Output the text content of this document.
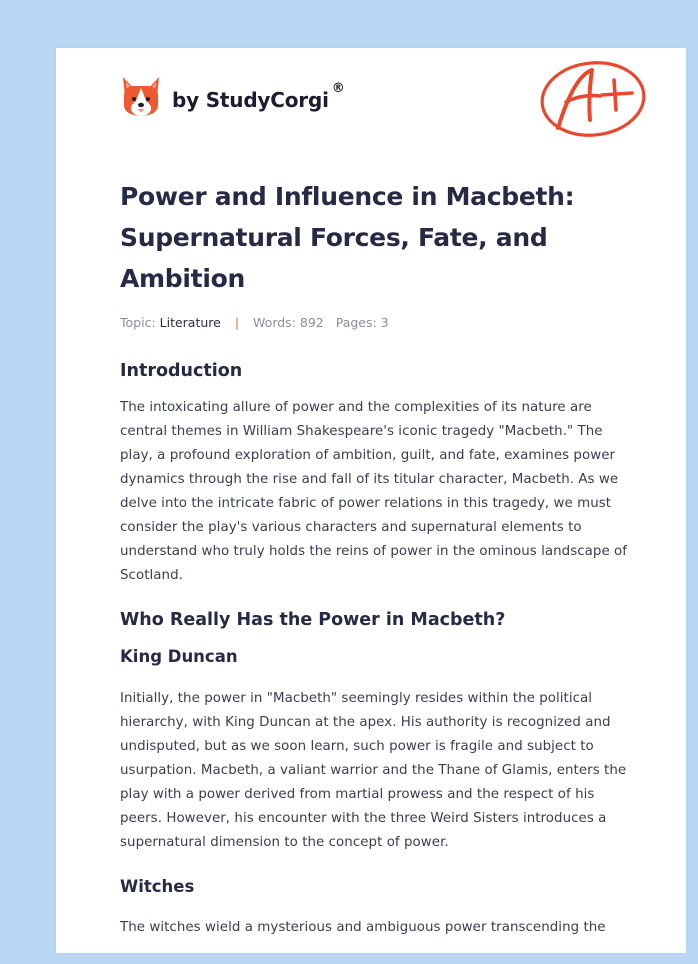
by StudyCorgi ®
Power and Influence in Macbeth: Supernatural Forces, Fate, and Ambition
Topic: Literature | Words: 892 Pages: 3
Introduction

The intoxicating allure of power and the complexities of its nature are central themes in William Shakespeare's iconic tragedy "Macbeth." The play, a profound exploration of ambition, guilt, and fate, examines power dynamics through the rise and fall of its titular character, Macbeth. As we delve into the intricate fabric of power relations in this tragedy, we must consider the play's various characters and supernatural elements to understand who truly holds the reins of power in the ominous landscape of Scotland.

Who Really Has the Power in Macbeth?
King Duncan

Initially, the power in "Macbeth" seemingly resides within the political hierarchy, with King Duncan at the apex. His authority is recognized and undisputed, but as we soon learn, such power is fragile and subject to usurpation. Macbeth, a valiant warrior and the Thane of Glamis, enters the play with a power derived from martial prowess and the respect of his peers. However, his encounter with the three Weird Sisters introduces a supernatural dimension to the concept of power.

Witches

The witches wield a mysterious and ambiguous power transcending the
